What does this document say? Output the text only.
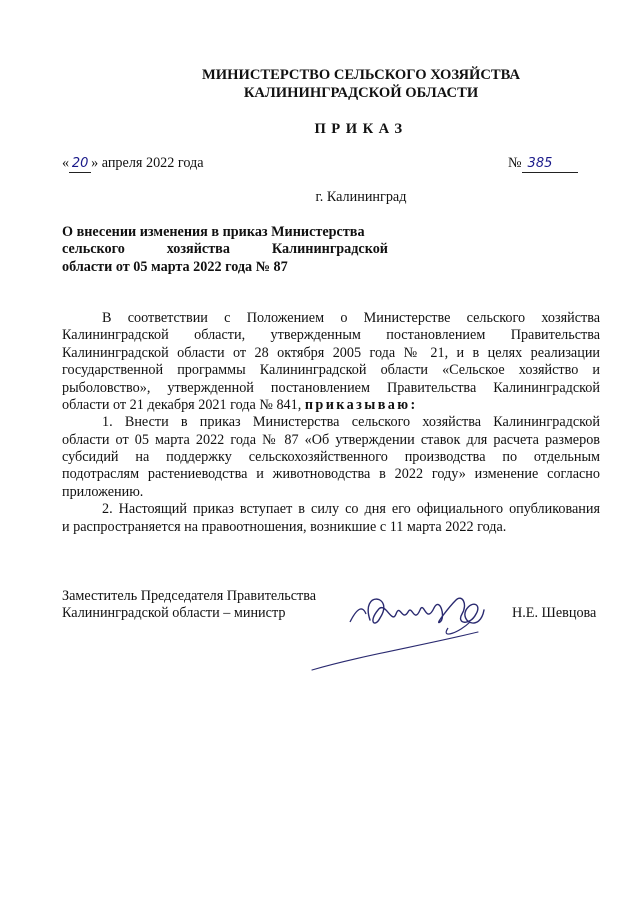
МИНИСТЕРСТВО СЕЛЬСКОГО ХОЗЯЙСТВА
КАЛИНИНГРАДСКОЙ ОБЛАСТИ
ПРИКАЗ
« 20 » апреля 2022 года	№ 385
г. Калининград
О внесении изменения в приказ Министерства
сельского	хозяйства	Калининградской
области от 05 марта 2022 года № 87
В соответствии с Положением о Министерстве сельского хозяйства
Калининградской области, утвержденным постановлением Правительства
Калининградской области от 28 октября 2005 года № 21, и в целях реализации
государственной программы Калининградской области «Сельское хозяйство и
рыболовство», утвержденной постановлением Правительства Калининградской
области от 21 декабря 2021 года № 841, приказываю:
1. Внести в приказ Министерства сельского хозяйства Калининградской
области от 05 марта 2022 года № 87 «Об утверждении ставок для расчета размеров
субсидий на поддержку сельскохозяйственного производства по отдельным
подотраслям растениеводства и животноводства в 2022 году» изменение согласно
приложению.
2. Настоящий приказ вступает в силу со дня его официального опубликования
и распространяется на правоотношения, возникшие с 11 марта 2022 года.
Заместитель Председателя Правительства
Калининградской области – министр	Н.Е. Шевцова
